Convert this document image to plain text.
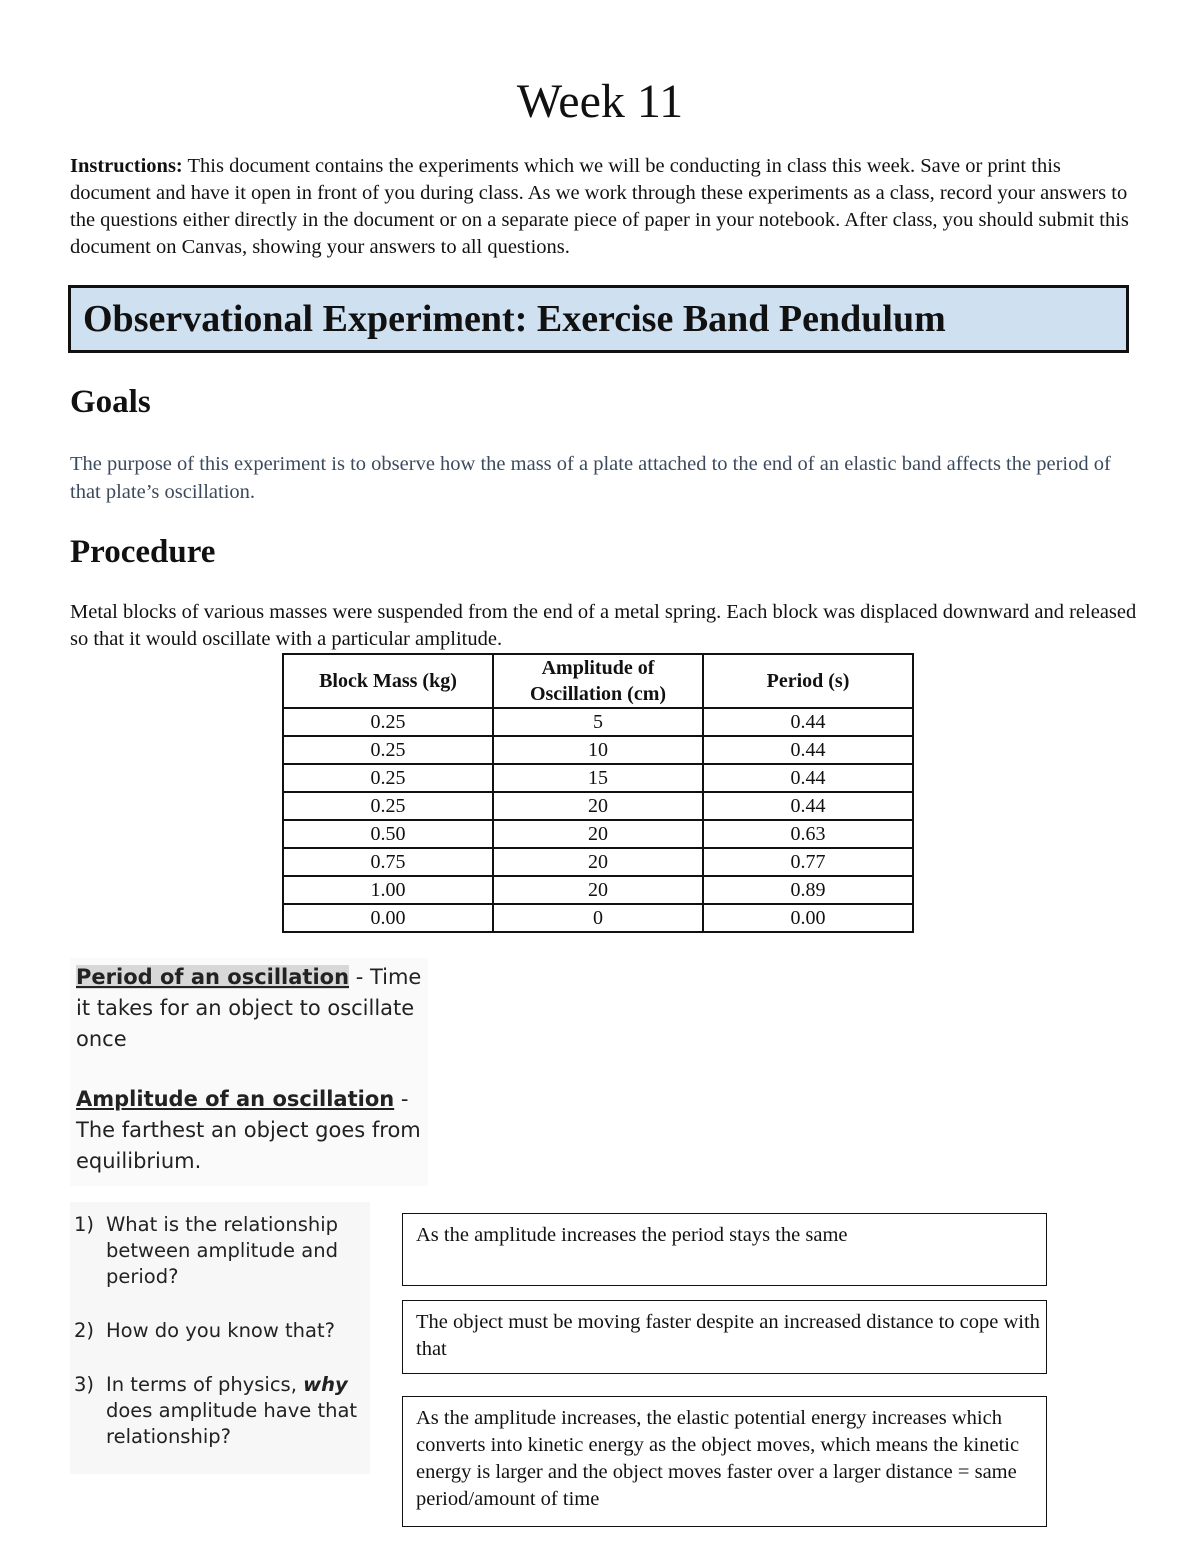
Week 11
Instructions: This document contains the experiments which we will be conducting in class this week. Save or print this document and have it open in front of you during class. As we work through these experiments as a class, record your answers to the questions either directly in the document or on a separate piece of paper in your notebook. After class, you should submit this document on Canvas, showing your answers to all questions.
Observational Experiment: Exercise Band Pendulum
Goals
The purpose of this experiment is to observe how the mass of a plate attached to the end of an elastic band affects the period of that plate’s oscillation.
Procedure
Metal blocks of various masses were suspended from the end of a metal spring. Each block was displaced downward and released so that it would oscillate with a particular amplitude.
Block Mass (kg)	Amplitude of Oscillation (cm)	Period (s)
0.25	5	0.44
0.25	10	0.44
0.25	15	0.44
0.25	20	0.44
0.50	20	0.63
0.75	20	0.77
1.00	20	0.89
0.00	0	0.00
Period of an oscillation - Time it takes for an object to oscillate once
Amplitude of an oscillation - The farthest an object goes from equilibrium.
1) What is the relationship between amplitude and period?
2) How do you know that?
3) In terms of physics, why does amplitude have that relationship?
As the amplitude increases the period stays the same
The object must be moving faster despite an increased distance to cope with that
As the amplitude increases, the elastic potential energy increases which converts into kinetic energy as the object moves, which means the kinetic energy is larger and the object moves faster over a larger distance = same period/amount of time
